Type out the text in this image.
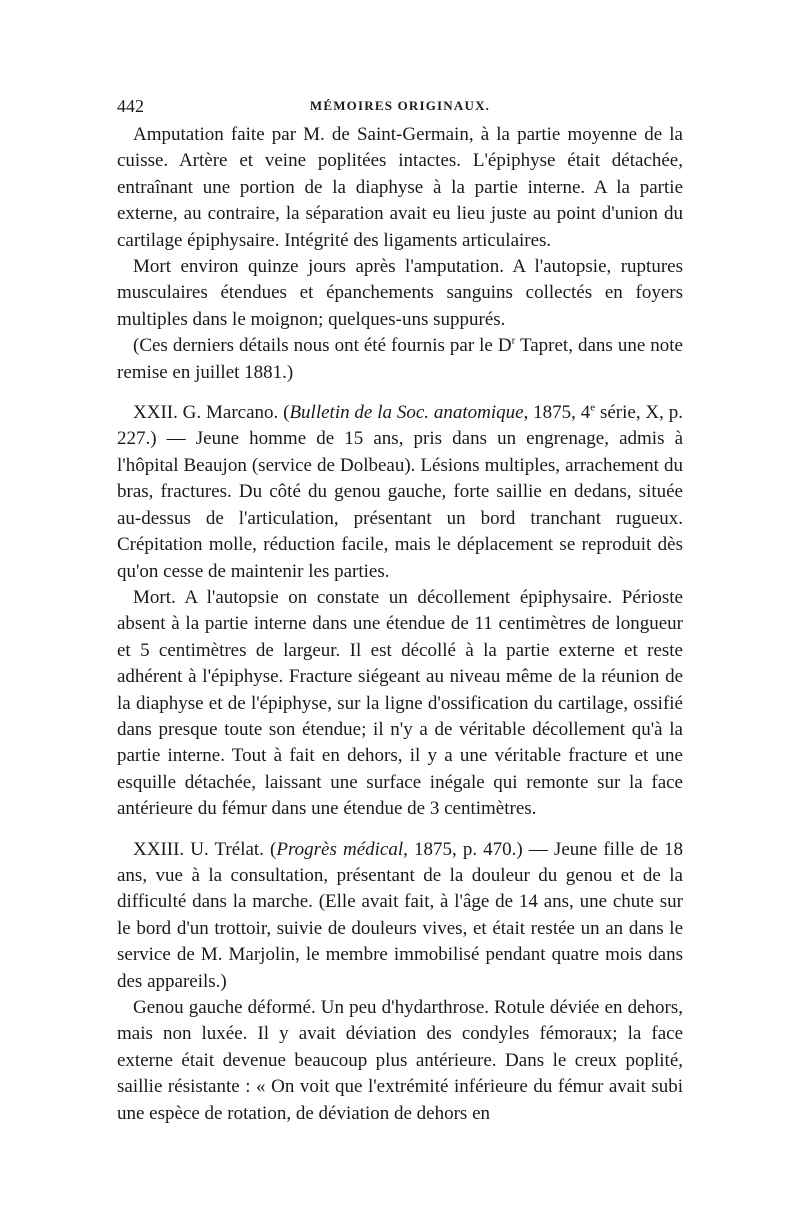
442	MÉMOIRES ORIGINAUX.

Amputation faite par M. de Saint-Germain, à la partie moyenne de la cuisse. Artère et veine poplitées intactes. L'épiphyse était détachée, entraînant une portion de la diaphyse à la partie interne. A la partie externe, au contraire, la séparation avait eu lieu juste au point d'union du cartilage épiphysaire. Intégrité des ligaments articulaires.

Mort environ quinze jours après l'amputation. A l'autopsie, ruptures musculaires étendues et épanchements sanguins collectés en foyers multiples dans le moignon; quelques-uns suppurés.

(Ces derniers détails nous ont été fournis par le $D^r$ Tapret, dans une note remise en juillet 1881.)

XXII. G. Marcano. (Bulletin de la Soc. anatomique, 1875, 4e série, X, p. 227.) — Jeune homme de 15 ans, pris dans un engrenage, admis à l'hôpital Beaujon (service de Dolbeau). Lésions multiples, arrachement du bras, fractures. Du côté du genou gauche, forte saillie en dedans, située au-dessus de l'articulation, présentant un bord tranchant rugueux. Crépitation molle, réduction facile, mais le déplacement se reproduit dès qu'on cesse de maintenir les parties.

Mort. A l'autopsie on constate un décollement épiphysaire. Périoste absent à la partie interne dans une étendue de 11 centimètres de longueur et 5 centimètres de largeur. Il est décollé à la partie externe et reste adhérent à l'épiphyse. Fracture siégeant au niveau même de la réunion de la diaphyse et de l'épiphyse, sur la ligne d'ossification du cartilage, ossifié dans presque toute son étendue; il n'y a de véritable décollement qu'à la partie interne. Tout à fait en dehors, il y a une véritable fracture et une esquille détachée, laissant une surface inégale qui remonte sur la face antérieure du fémur dans une étendue de 3 centimètres.

XXIII. U. Trélat. (Progrès médical, 1875, p. 470.) — Jeune fille de 18 ans, vue à la consultation, présentant de la douleur du genou et de la difficulté dans la marche. (Elle avait fait, à l'âge de 14 ans, une chute sur le bord d'un trottoir, suivie de douleurs vives, et était restée un an dans le service de M. Marjolin, le membre immobilisé pendant quatre mois dans des appareils.)

Genou gauche déformé. Un peu d'hydarthrose. Rotule déviée en dehors, mais non luxée. Il y avait déviation des condyles fémoraux; la face externe était devenue beaucoup plus antérieure. Dans le creux poplité, saillie résistante : « On voit que l'extrémité inférieure du fémur avait subi une espèce de rotation, de déviation de dehors en
